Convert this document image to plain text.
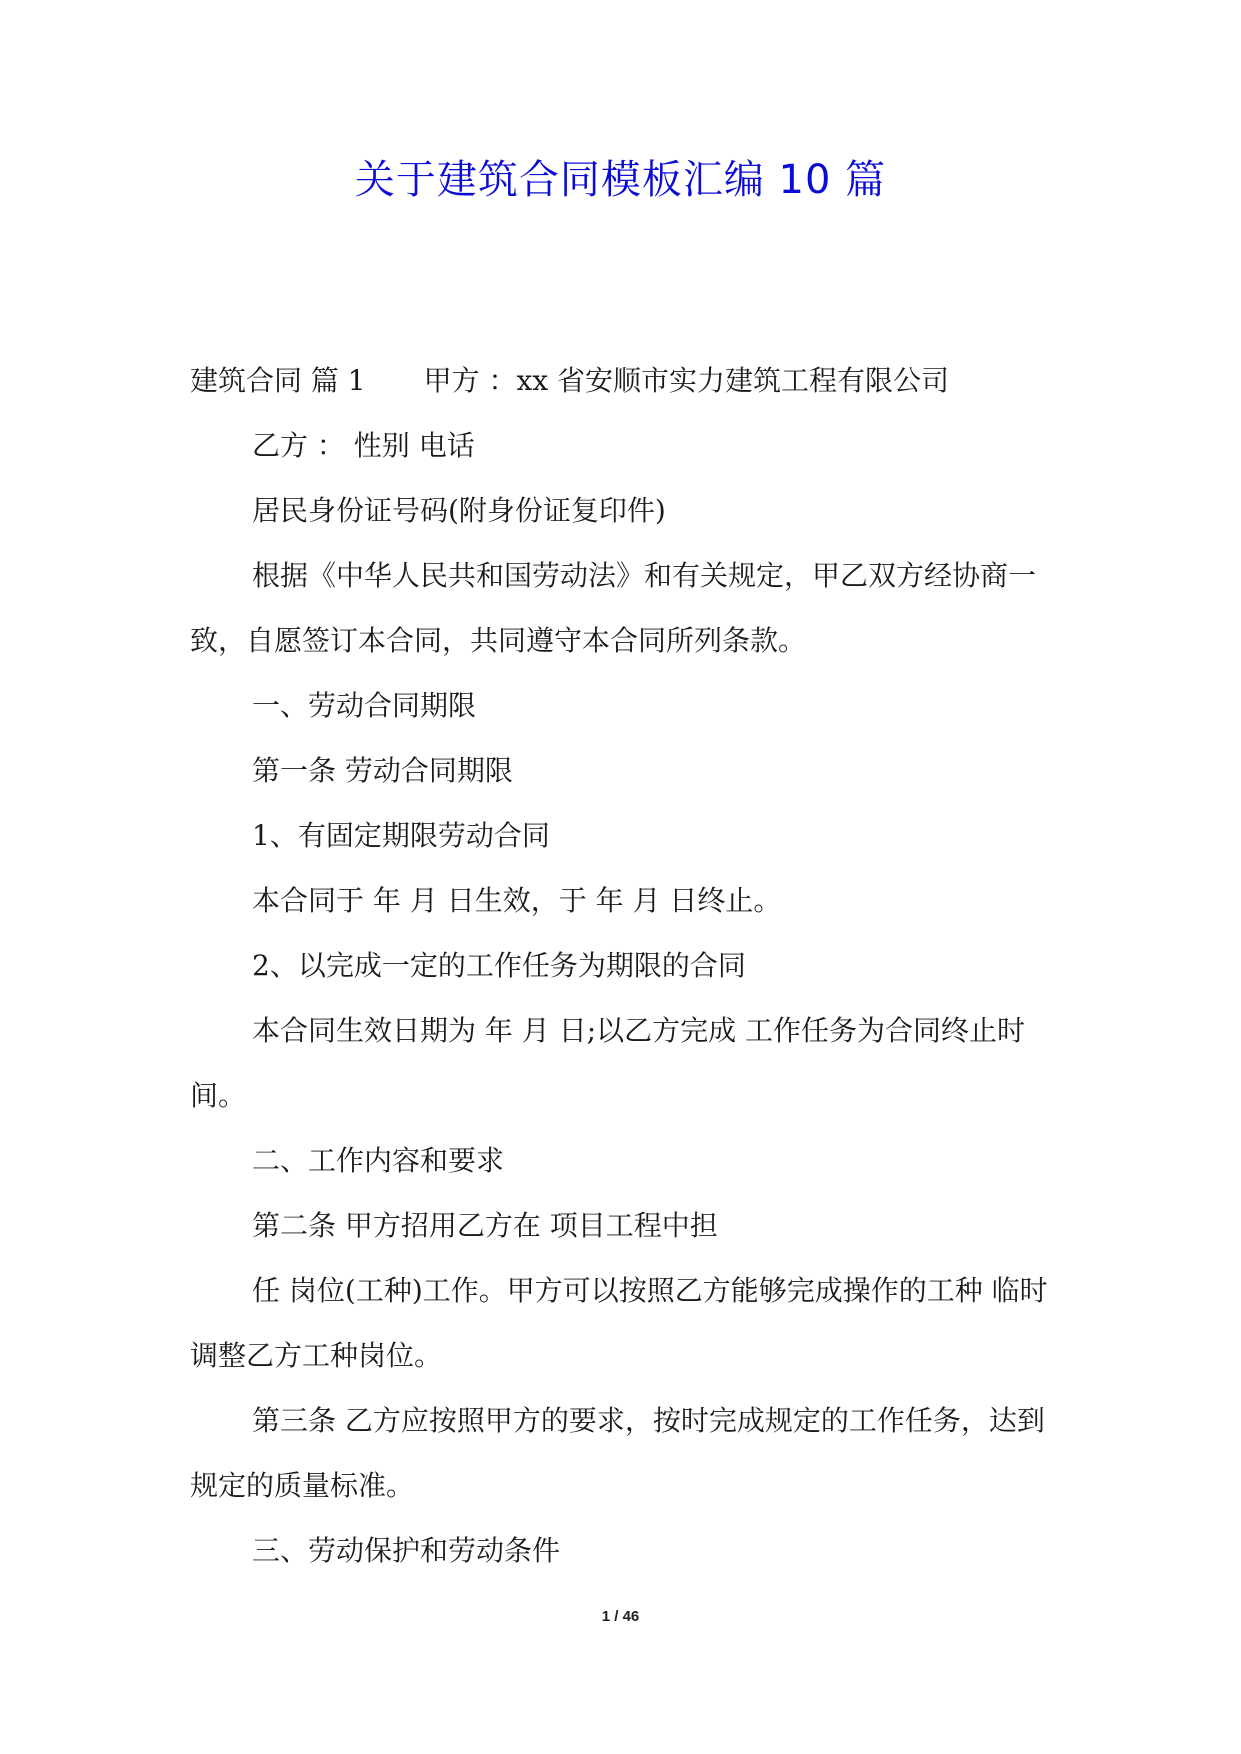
关于建筑合同模板汇编 10 篇

建筑合同 篇 1 甲方 ：xx 省安顺市实力建筑工程有限公司

乙方 ： 性别 电话

居民身份证号码(附身份证复印件)

根据《中华人民共和国劳动法》和有关规定，甲乙双方经协商一致，自愿签订本合同，共同遵守本合同所列条款。

一、劳动合同期限

第一条 劳动合同期限

1、有固定期限劳动合同

本合同于 年 月 日生效，于 年 月 日终止。

2、以完成一定的工作任务为期限的合同

本合同生效日期为 年 月 日;以乙方完成 工作任务为合同终止时间。

二、工作内容和要求

第二条 甲方招用乙方在 项目工程中担

任 岗位(工种)工作。甲方可以按照乙方能够完成操作的工种 临时调整乙方工种岗位。

第三条 乙方应按照甲方的要求，按时完成规定的工作任务，达到规定的质量标准。

三、劳动保护和劳动条件

1 / 46
